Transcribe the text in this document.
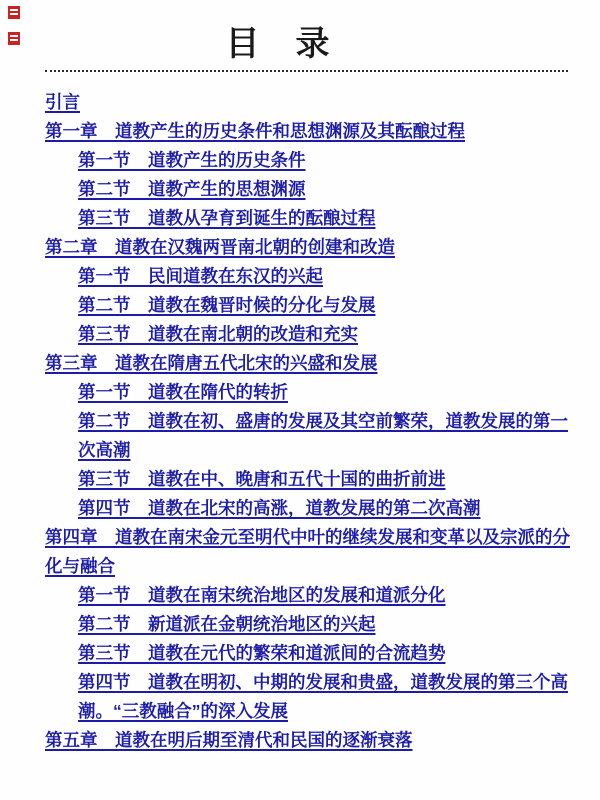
目　录
引言
第一章　道教产生的历史条件和思想渊源及其酝酿过程
第一节　道教产生的历史条件
第二节　道教产生的思想渊源
第三节　道教从孕育到诞生的酝酿过程
第二章　道教在汉魏两晋南北朝的创建和改造
第一节　民间道教在东汉的兴起
第二节　道教在魏晋时候的分化与发展
第三节　道教在南北朝的改造和充实
第三章　道教在隋唐五代北宋的兴盛和发展
第一节　道教在隋代的转折
第二节　道教在初、盛唐的发展及其空前繁荣，道教发展的第一次高潮
第三节　道教在中、晚唐和五代十国的曲折前进
第四节　道教在北宋的高涨，道教发展的第二次高潮
第四章　道教在南宋金元至明代中叶的继续发展和变革以及宗派的分化与融合
第一节　道教在南宋统治地区的发展和道派分化
第二节　新道派在金朝统治地区的兴起
第三节　道教在元代的繁荣和道派间的合流趋势
第四节　道教在明初、中期的发展和贵盛，道教发展的第三个高潮。“三教融合”的深入发展
第五章　道教在明后期至清代和民国的逐渐衰落
